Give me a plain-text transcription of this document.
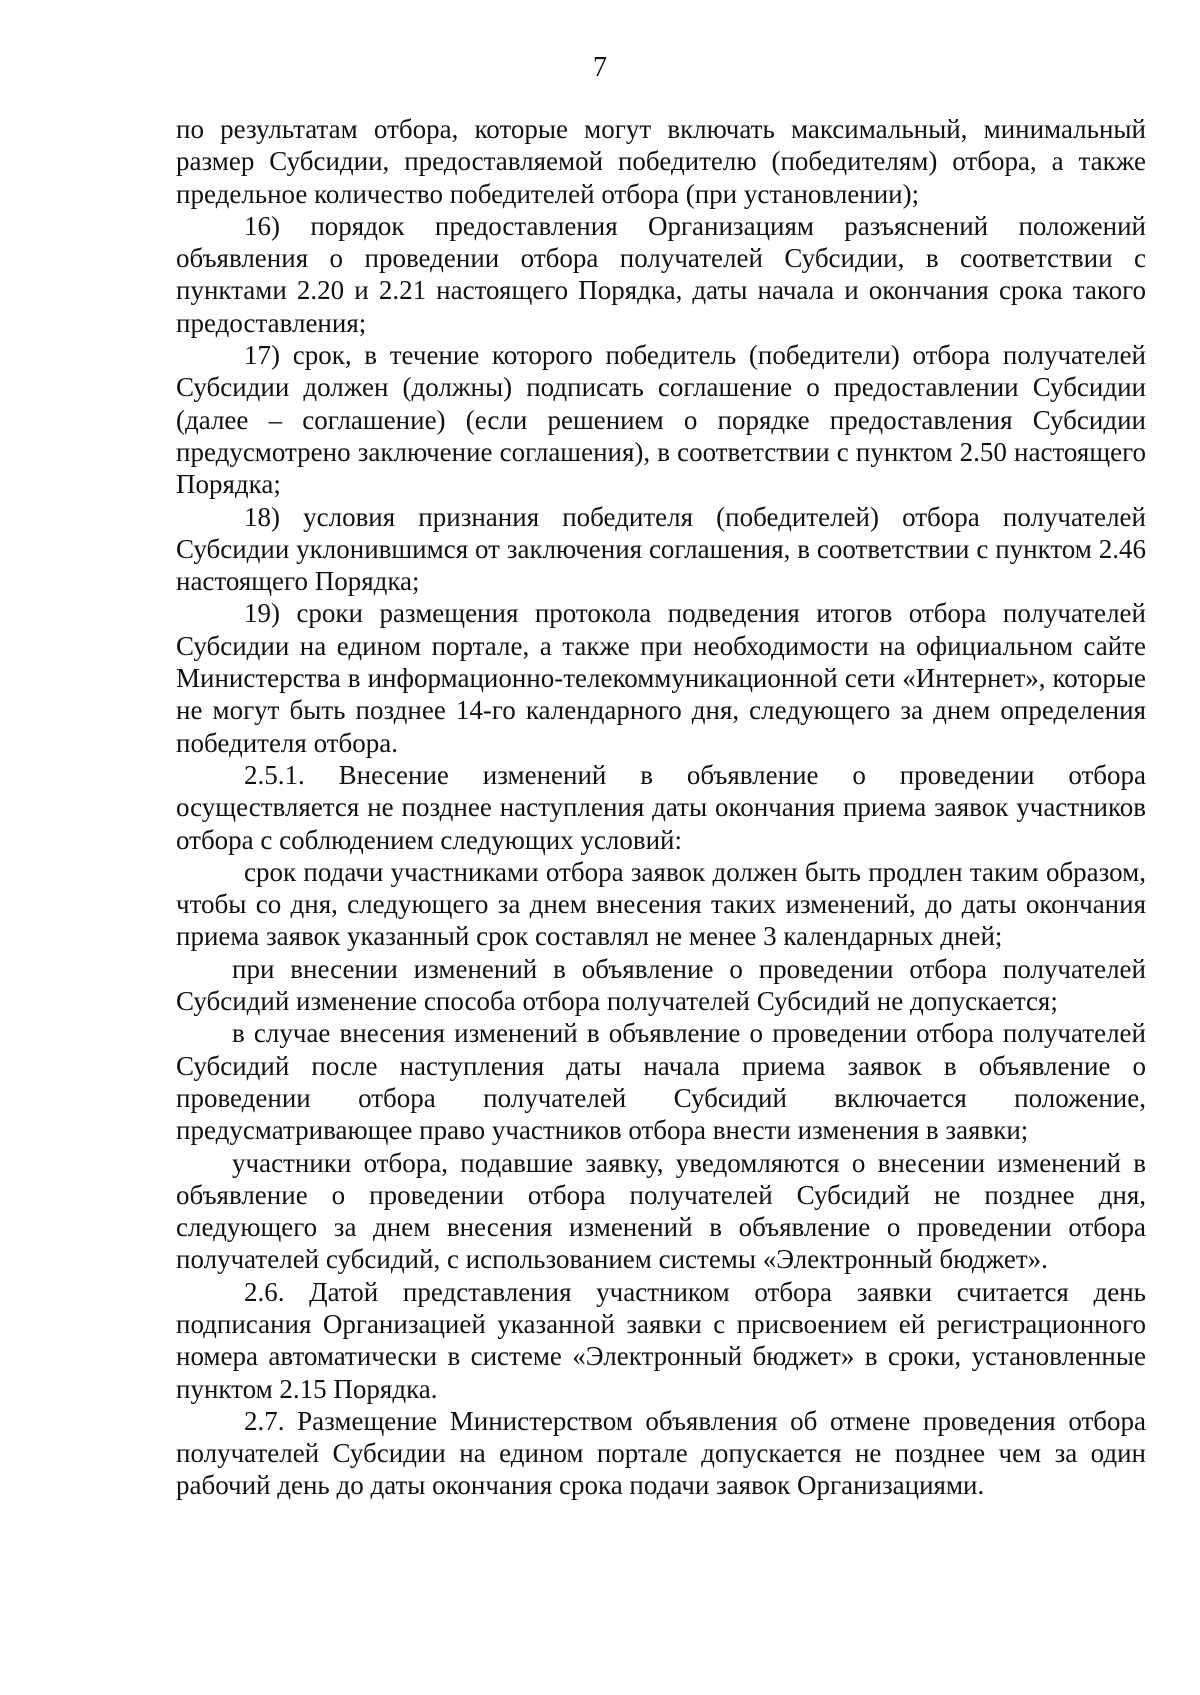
7

по результатам отбора, которые могут включать максимальный, минимальный размер Субсидии, предоставляемой победителю (победителям) отбора, а также предельное количество победителей отбора (при установлении);

16) порядок предоставления Организациям разъяснений положений объявления о проведении отбора получателей Субсидии, в соответствии с пунктами 2.20 и 2.21 настоящего Порядка, даты начала и окончания срока такого предоставления;

17) срок, в течение которого победитель (победители) отбора получателей Субсидии должен (должны) подписать соглашение о предоставлении Субсидии (далее – соглашение) (если решением о порядке предоставления Субсидии предусмотрено заключение соглашения), в соответствии с пунктом 2.50 настоящего Порядка;

18) условия признания победителя (победителей) отбора получателей Субсидии уклонившимся от заключения соглашения, в соответствии с пунктом 2.46 настоящего Порядка;

19) сроки размещения протокола подведения итогов отбора получателей Субсидии на едином портале, а также при необходимости на официальном сайте Министерства в информационно-телекоммуникационной сети «Интернет», которые не могут быть позднее 14-го календарного дня, следующего за днем определения победителя отбора.

2.5.1. Внесение изменений в объявление о проведении отбора осуществляется не позднее наступления даты окончания приема заявок участников отбора с соблюдением следующих условий:

срок подачи участниками отбора заявок должен быть продлен таким образом, чтобы со дня, следующего за днем внесения таких изменений, до даты окончания приема заявок указанный срок составлял не менее 3 календарных дней;

при внесении изменений в объявление о проведении отбора получателей Субсидий изменение способа отбора получателей Субсидий не допускается;

в случае внесения изменений в объявление о проведении отбора получателей Субсидий после наступления даты начала приема заявок в объявление о проведении отбора получателей Субсидий включается положение, предусматривающее право участников отбора внести изменения в заявки;

участники отбора, подавшие заявку, уведомляются о внесении изменений в объявление о проведении отбора получателей Субсидий не позднее дня, следующего за днем внесения изменений в объявление о проведении отбора получателей субсидий, с использованием системы «Электронный бюджет».

2.6. Датой представления участником отбора заявки считается день подписания Организацией указанной заявки с присвоением ей регистрационного номера автоматически в системе «Электронный бюджет» в сроки, установленные пунктом 2.15 Порядка.

2.7. Размещение Министерством объявления об отмене проведения отбора получателей Субсидии на едином портале допускается не позднее чем за один рабочий день до даты окончания срока подачи заявок Организациями.
